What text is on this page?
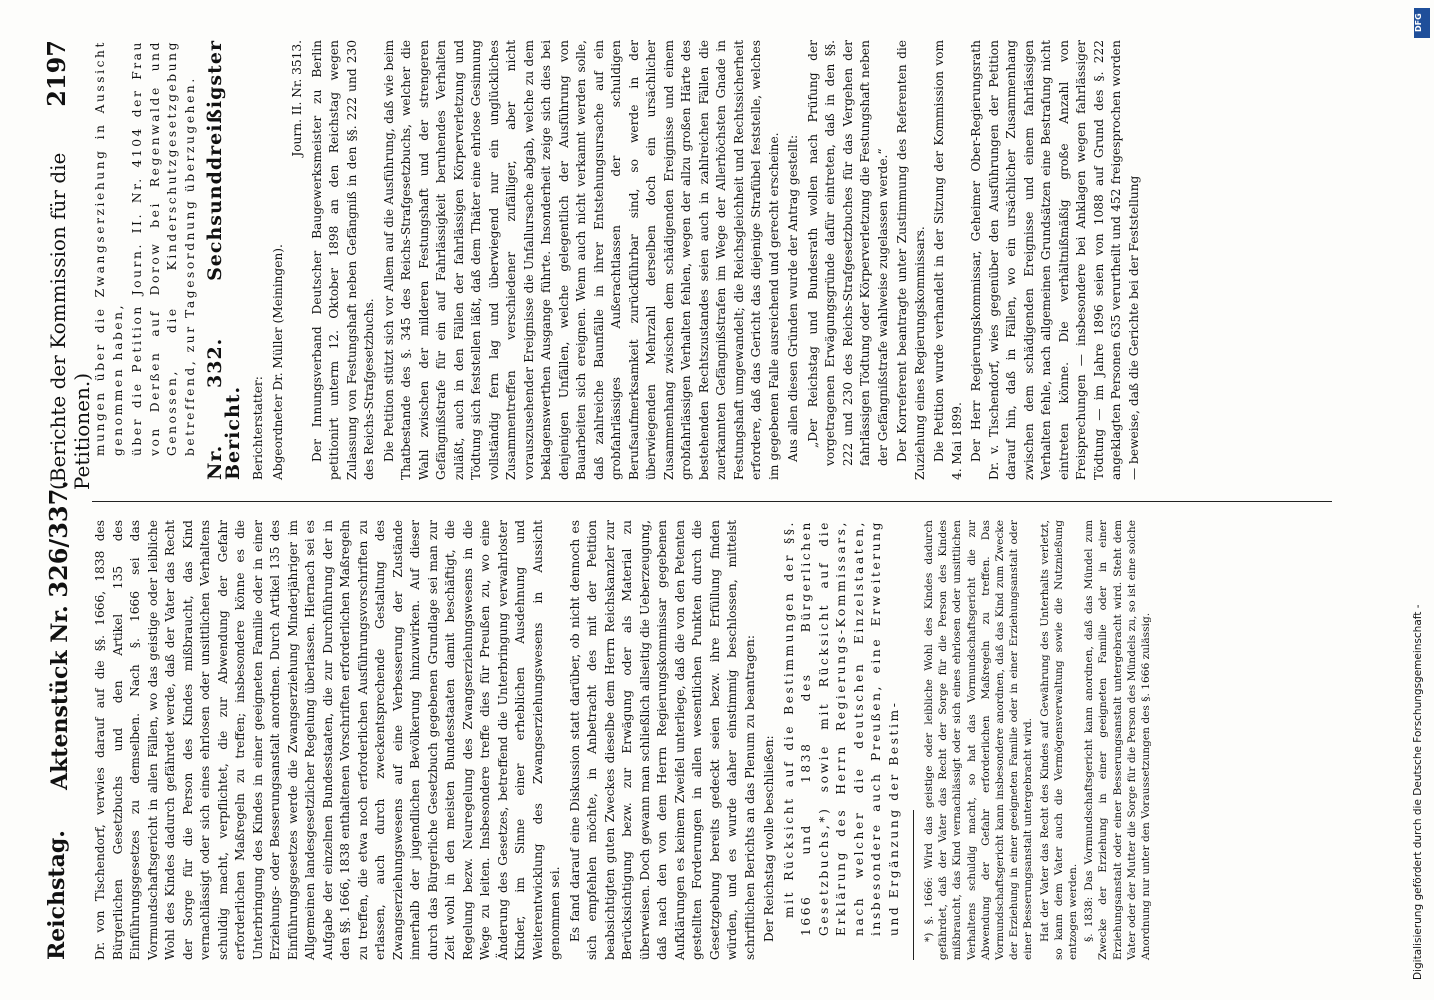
Reichstag.
Aktenstück Nr. 326/337.
(Berichte der Kommission für die Petitionen.)
2197

Dr. von Tischendorf, verwies darauf auf die §§. 1666, 1838 des Bürgerlichen Gesetzbuchs und den Artikel 135 des Einführungsgesetzes zu demselben. Nach §. 1666 sei das Vormundschaftsgericht in allen Fällen, wo das geistige oder leibliche Wohl des Kindes dadurch gefährdet werde, daß der Vater das Recht der Sorge für die Person des Kindes mißbraucht, das Kind vernachlässigt oder sich eines ehrlosen oder unsittlichen Verhaltens schuldig macht, verpflichtet, die zur Abwendung der Gefahr erforderlichen Maßregeln zu treffen; insbesondere könne es die Unterbringung des Kindes in einer geeigneten Familie oder in einer Erziehungs- oder Besserungsanstalt anordnen. Durch Artikel 135 des Einführungsgesetzes werde die Zwangserziehung Minderjähriger im Allgemeinen landesgesetzlicher Regelung überlassen. Hiernach sei es Aufgabe der einzelnen Bundesstaaten, die zur Durchführung der in den §§. 1666, 1838 enthaltenen Vorschriften erforderlichen Maßregeln zu treffen, die etwa noch erforderlichen Ausführungsvorschriften zu erlassen, auch durch zweckentsprechende Gestaltung des Zwangserziehungswesens auf eine Verbesserung der Zustände innerhalb der jugendlichen Bevölkerung hinzuwirken. Auf dieser durch das Bürgerliche Gesetzbuch gegebenen Grundlage sei man zur Zeit wohl in den meisten Bundesstaaten damit beschäftigt, die Regelung bezw. Neuregelung des Zwangserziehungswesens in die Wege zu leiten. Insbesondere treffe dies für Preußen zu, wo eine Änderung des Gesetzes, betreffend die Unterbringung verwahrloster Kinder, im Sinne einer erheblichen Ausdehnung und Weiterentwicklung des Zwangserziehungswesens in Aussicht genommen sei. Es fand darauf eine Diskussion statt darüber, ob nicht dennoch es sich empfehlen möchte, in Anbetracht des mit der Petition beabsichtigten guten Zweckes dieselbe dem Herrn Reichskanzler zur Berücksichtigung bezw. zur Erwägung oder als Material zu überweisen. Doch gewann man schließlich allseitig die Ueberzeugung, daß nach den von dem Herrn Regierungskommissar gegebenen Aufklärungen es keinem Zweifel unterliege, daß die von den Petenten gestellten Forderungen in allen wesentlichen Punkten durch die Gesetzgebung bereits gedeckt seien bezw. ihre Erfüllung finden würden, und es wurde daher einstimmig beschlossen, mittelst schriftlichen Berichts an das Plenum zu beantragen: Der Reichstag wolle beschließen: mit Rücksicht auf die Bestimmungen der §§. 1666 und 1838 des Bürgerlichen Gesetzbuchs,*) sowie mit Rücksicht auf die Erklärung des Herrn Regierungs-Kommissars, nach welcher die deutschen Einzelstaaten, insbesondere auch Preußen, eine Erweiterung und Ergänzung der Bestim- *) §. 1666: Wird das geistige oder leibliche Wohl des Kindes dadurch gefährdet, daß der Vater das Recht der Sorge für die Person des Kindes mißbraucht, das Kind vernachlässigt oder sich eines ehrlosen oder unsittlichen Verhaltens schuldig macht, so hat das Vormundschaftsgericht die zur Abwendung der Gefahr erforderlichen Maßregeln zu treffen. Das Vormundschaftsgericht kann insbesondere anordnen, daß das Kind zum Zwecke der Erziehung in einer geeigneten Familie oder in einer Erziehungsanstalt oder einer Besserungsanstalt untergebracht wird. Hat der Vater das Recht des Kindes auf Gewährung des Unterhalts verletzt, so kann dem Vater auch die Vermögensverwaltung sowie die Nutznießung entzogen werden. §. 1838: Das Vormundschaftsgericht kann anordnen, daß das Mündel zum Zwecke der Erziehung in einer geeigneten Familie oder in einer Erziehungsanstalt oder einer Besserungsanstalt untergebracht wird. Steht dem Vater oder der Mutter die Sorge für die Person des Mündels zu, so ist eine solche Anordnung nur unter den Voraussetzungen des §. 1666 zulässig.

mungen über die Zwangserziehung in Aussicht genommen haben, über die Petition Journ. II. Nr. 4104 der Frau von Derßen auf Dorow bei Regenwalde und Genossen, die Kinderschutzgesetzgebung betreffend, zur Tagesordnung überzugehen. Nr. 332. Sechsunddreißigster Bericht. Berichterstatter: Abgeordneter Dr. Müller (Meiningen).

Journ. II. Nr. 3513. Der Innungsverband Deutscher Baugewerksmeister zu Berlin petitionirt unterm 12. Oktober 1898 an den Reichstag wegen Zulassung von Festungshaft neben Gefängniß in den §§. 222 und 230 des Reichs-Strafgesetzbuchs. Die Petition stützt sich vor Allem auf die Ausführung, daß wie beim Thatbestande des §. 345 des Reichs-Strafgesetzbuchs, welcher die Wahl zwischen der milderen Festungshaft und der strengeren Gefängnißstrafe für ein auf Fahrlässigkeit beruhendes Verhalten zuläßt, auch in den Fällen der fahrlässigen Körperverletzung und Tödtung sich feststellen läßt, daß dem Thäter eine ehrlose Gesinnung vollständig fern lag und überwiegend nur ein unglückliches Zusammentreffen verschiedener zufälliger, aber nicht vorauszusehender Ereignisse die Unfallursache abgab, welche zu dem beklagenswerthen Ausgange führte. Insonderheit zeige sich dies bei denjenigen Unfällen, welche gelegentlich der Ausführung von Bauarbeiten sich ereignen. Wenn auch nicht verkannt werden solle, daß zahlreiche Baunfälle in ihrer Entstehungsursache auf ein grobfahrlässiges Außerachtlassen der schuldigen Berufsaufmerksamkeit zurückführbar sind, so werde in der überwiegenden Mehrzahl derselben doch ein ursächlicher Zusammenhang zwischen dem schädigenden Ereignisse und einem grobfahrlässigen Verhalten fehlen, wegen der allzu großen Härte des bestehenden Rechtszustandes seien auch in zahlreichen Fällen die zuerkannten Gefängnißstrafen im Wege der Allerhöchsten Gnade in Festungshaft umgewandelt; die Reichsgleichheit und Rechtssicherheit erfordere, daß das Gericht das diejenige Strafübel feststelle, welches im gegebenen Falle ausreichend und gerecht erscheine. Aus allen diesen Gründen wurde der Antrag gestellt: „Der Reichstag und Bundesrath wollen nach Prüfung der vorgetragenen Erwägungsgründe dafür eintreten, daß in den §§. 222 und 230 des Reichs-Strafgesetzbuches für das Vergehen der fahrlässigen Tödtung oder Körperverletzung die Festungshaft neben der Gefängnißstrafe wahlweise zugelassen werde.“ Der Korreferent beantragte unter Zustimmung des Referenten die Zuziehung eines Regierungskommissars. Die Petition wurde verhandelt in der Sitzung der Kommission vom 4. Mai 1899. Der Herr Regierungskommissar, Geheimer Ober-Regierungsrath Dr. v. Tischendorf, wies gegenüber den Ausführungen der Petition darauf hin, daß in Fällen, wo ein ursächlicher Zusammenhang zwischen dem schädigenden Ereignisse und einem fahrlässigen Verhalten fehle, nach allgemeinen Grundsätzen eine Bestrafung nicht eintreten könne. Die verhältnißmäßig große Anzahl von Freisprechungen — insbesondere bei Anklagen wegen fahrlässiger Tödtung — im Jahre 1896 seien von 1088 auf Grund des §. 222 angeklagten Personen 635 verurtheilt und 452 freigesprochen worden — beweise, daß die Gerichte bei der Feststellung

DFG
Digitalisierung gefördert durch die Deutsche Forschungsgemeinschaft -
